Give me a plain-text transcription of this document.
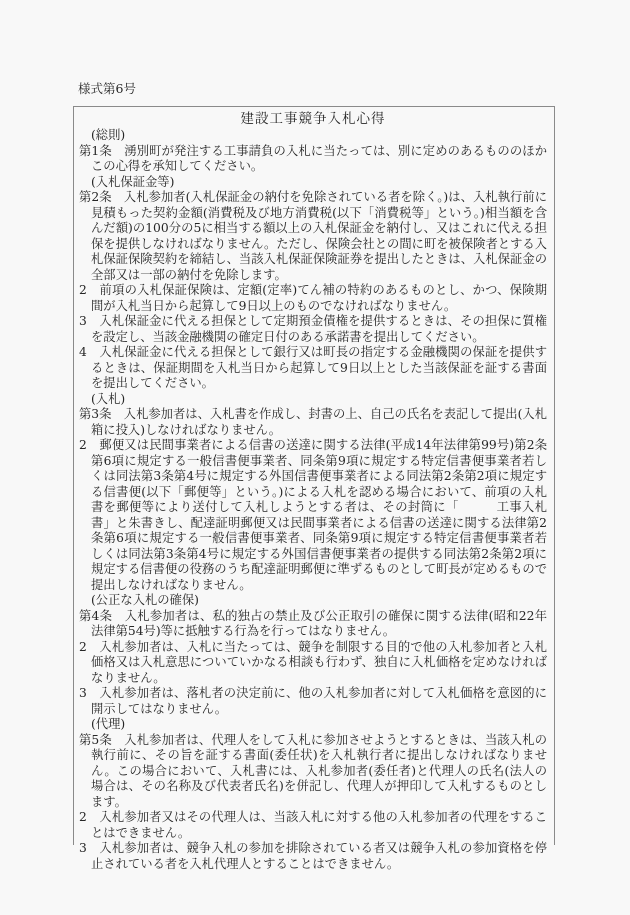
様式第6号
建設工事競争入札心得

(総則)

第1条　湧別町が発注する工事請負の入札に当たっては、別に定めのあるもののほかこの心得を承知してください。

(入札保証金等)

第2条　入札参加者(入札保証金の納付を免除されている者を除く。)は、入札執行前に見積もった契約金額(消費税及び地方消費税(以下「消費税等」という。)相当額を含んだ額)の100分の5に相当する額以上の入札保証金を納付し、又はこれに代える担保を提供しなければなりません。ただし、保険会社との間に町を被保険者とする入札保証保険契約を締結し、当該入札保証保険証券を提出したときは、入札保証金の全部又は一部の納付を免除します。

2　前項の入札保証保険は、定額(定率)てん補の特約のあるものとし、かつ、保険期間が入札当日から起算して9日以上のものでなければなりません。

3　入札保証金に代える担保として定期預金債権を提供するときは、その担保に質権を設定し、当該金融機関の確定日付のある承諾書を提出してください。

4　入札保証金に代える担保として銀行又は町長の指定する金融機関の保証を提供するときは、保証期間を入札当日から起算して9日以上とした当該保証を証する書面を提出してください。

(入札)

第3条　入札参加者は、入札書を作成し、封書の上、自己の氏名を表記して提出(入札箱に投入)しなければなりません。

2　郵便又は民間事業者による信書の送達に関する法律(平成14年法律第99号)第2条第6項に規定する一般信書便事業者、同条第9項に規定する特定信書便事業者若しくは同法第3条第4号に規定する外国信書便事業者による同法第2条第2項に規定する信書便(以下「郵便等」という。)による入札を認める場合において、前項の入札書を郵便等により送付して入札しようとする者は、その封筒に「　　　工事入札書」と朱書きし、配達証明郵便又は民間事業者による信書の送達に関する法律第2条第6項に規定する一般信書便事業者、同条第9項に規定する特定信書便事業者若しくは同法第3条第4号に規定する外国信書便事業者の提供する同法第2条第2項に規定する信書便の役務のうち配達証明郵便に準ずるものとして町長が定めるもので提出しなければなりません。

(公正な入札の確保)

第4条　入札参加者は、私的独占の禁止及び公正取引の確保に関する法律(昭和22年法律第54号)等に抵触する行為を行ってはなりません。

2　入札参加者は、入札に当たっては、競争を制限する目的で他の入札参加者と入札価格又は入札意思についていかなる相談も行わず、独自に入札価格を定めなければなりません。

3　入札参加者は、落札者の決定前に、他の入札参加者に対して入札価格を意図的に開示してはなりません。

(代理)

第5条　入札参加者は、代理人をして入札に参加させようとするときは、当該入札の執行前に、その旨を証する書面(委任状)を入札執行者に提出しなければなりません。この場合において、入札書には、入札参加者(委任者)と代理人の氏名(法人の場合は、その名称及び代表者氏名)を併記し、代理人が押印して入札するものとします。

2　入札参加者又はその代理人は、当該入札に対する他の入札参加者の代理をすることはできません。

3　入札参加者は、競争入札の参加を排除されている者又は競争入札の参加資格を停止されている者を入札代理人とすることはできません。
